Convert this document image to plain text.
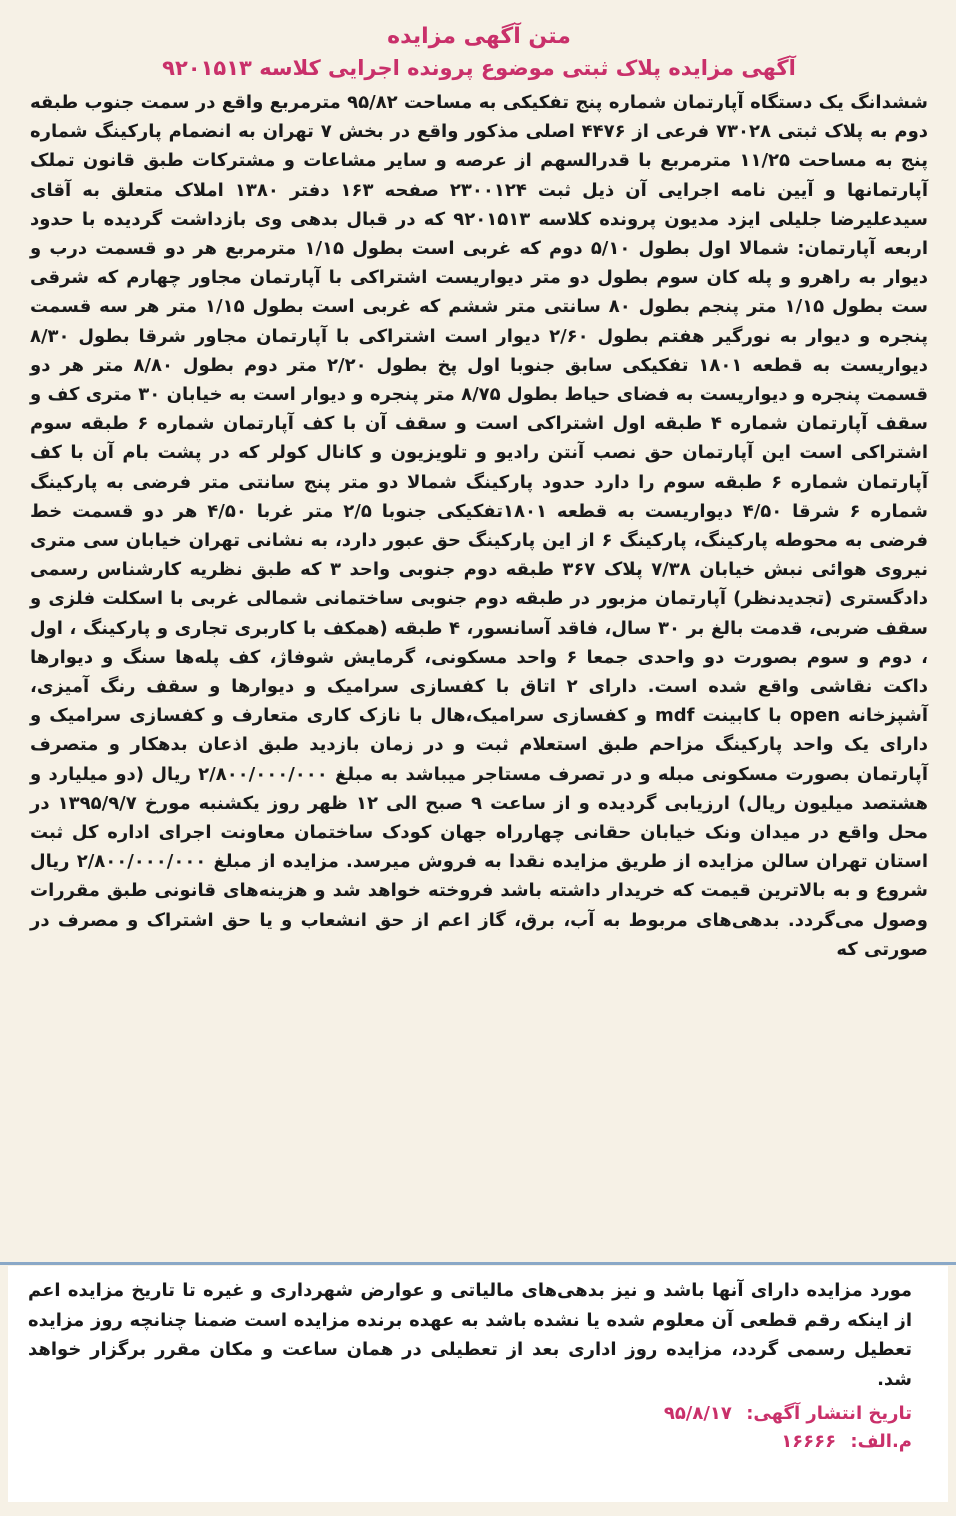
متن آگهی مزایده
آگهی مزایده پلاک ثبتی موضوع پرونده اجرایی کلاسه ۹۲۰۱۵۱۳

ششدانگ یک دستگاه آپارتمان شماره پنج تفکیکی به مساحت ۹۵/۸۲ مترمربع واقع در سمت جنوب طبقه دوم به پلاک ثبتی ۷۳۰۲۸ فرعی از ۴۴۷۶ اصلی مذکور واقع در بخش ۷ تهران به انضمام پارکینگ شماره پنج به مساحت ۱۱/۲۵ مترمربع با قدرالسهم از عرصه و سایر مشاعات و مشترکات طبق قانون تملک آپارتمانها و آیین نامه اجرایی آن ذیل ثبت ۲۳۰۰۱۲۴ صفحه ۱۶۳ دفتر ۱۳۸۰ املاک متعلق به آقای سیدعلیرضا جلیلی ایزد مدیون پرونده کلاسه ۹۲۰۱۵۱۳ که در قبال بدهی وی بازداشت گردیده با حدود اربعه آپارتمان: شمالا اول بطول ۵/۱۰ دوم که غربی است بطول ۱/۱۵ مترمربع هر دو قسمت درب و دیوار به راهرو و پله کان سوم بطول دو متر دیواریست اشتراکی با آپارتمان مجاور چهارم که شرقی ست بطول ۱/۱۵ متر پنجم بطول ۸۰ سانتی متر ششم که غربی است بطول ۱/۱۵ متر هر سه قسمت پنجره و دیوار به نورگیر هفتم بطول ۲/۶۰ دیوار است اشتراکی با آپارتمان مجاور شرقا بطول ۸/۳۰ دیواریست به قطعه ۱۸۰۱ تفکیکی سابق جنوبا اول پخ بطول ۲/۲۰ متر دوم بطول ۸/۸۰ متر هر دو قسمت پنجره و دیواریست به فضای حیاط بطول ۸/۷۵ متر پنجره و دیوار است به خیابان ۳۰ متری کف و سقف آپارتمان شماره ۴ طبقه اول اشتراکی است و سقف آن با کف آپارتمان شماره ۶ طبقه سوم اشتراکی است این آپارتمان حق نصب آنتن رادیو و تلویزیون و کانال کولر که در پشت بام آن با کف آپارتمان شماره ۶ طبقه سوم را دارد حدود پارکینگ شمالا دو متر پنج سانتی متر فرضی به پارکینگ شماره ۶ شرقا ۴/۵۰ دیواریست به قطعه ۱۸۰۱تفکیکی جنوبا ۲/۵ متر غربا ۴/۵۰ هر دو قسمت خط فرضی به محوطه پارکینگ، پارکینگ ۶ از این پارکینگ حق عبور دارد، به نشانی تهران خیابان سی متری نیروی هوائی نبش خیابان ۷/۳۸ پلاک ۳۶۷ طبقه دوم جنوبی واحد ۳ که طبق نظریه کارشناس رسمی دادگستری (تجدیدنظر) آپارتمان مزبور در طبقه دوم جنوبی ساختمانی شمالی غربی با اسکلت فلزی و سقف ضربی، قدمت بالغ بر ۳۰ سال، فاقد آسانسور، ۴ طبقه (همکف با کاربری تجاری و پارکینگ ، اول ، دوم و سوم بصورت دو واحدی جمعا ۶ واحد مسکونی، گرمایش شوفاژ، کف پله‌ها سنگ و دیوارها داکت نقاشی واقع شده است. دارای ۲ اتاق با کفسازی سرامیک و دیوارها و سقف رنگ آمیزی، آشپزخانه open با کابینت mdf و کفسازی سرامیک،هال با نازک کاری متعارف و کفسازی سرامیک و دارای یک واحد پارکینگ مزاحم طبق استعلام ثبت و در زمان بازدید طبق اذعان بدهکار و متصرف آپارتمان بصورت مسکونی مبله و در تصرف مستاجر میباشد به مبلغ ۲/۸۰۰/۰۰۰/۰۰۰ ریال (دو میلیارد و هشتصد میلیون ریال) ارزیابی گردیده و از ساعت ۹ صبح الی ۱۲ ظهر روز یکشنبه مورخ ۱۳۹۵/۹/۷ در محل واقع در میدان ونک خیابان حقانی چهارراه جهان کودک ساختمان معاونت اجرای اداره کل ثبت استان تهران سالن مزایده از طریق مزایده نقدا به فروش میرسد. مزایده از مبلغ ۲/۸۰۰/۰۰۰/۰۰۰ ریال شروع و به بالاترین قیمت که خریدار داشته باشد فروخته خواهد شد و هزینه‌های قانونی طبق مقررات وصول می‌گردد. بدهی‌های مربوط به آب، برق، گاز اعم از حق انشعاب و یا حق اشتراک و مصرف در صورتی که

مورد مزایده دارای آنها باشد و نیز بدهی‌های مالیاتی و عوارض شهرداری و غیره تا تاریخ مزایده اعم از اینکه رقم قطعی آن معلوم شده یا نشده باشد به عهده برنده مزایده است ضمنا چنانچه روز مزایده تعطیل رسمی گردد، مزایده روز اداری بعد از تعطیلی در همان ساعت و مکان مقرر برگزار خواهد شد.

تاریخ انتشار آگهی: ۹۵/۸/۱۷
م.الف: ۱۶۶۶۶
